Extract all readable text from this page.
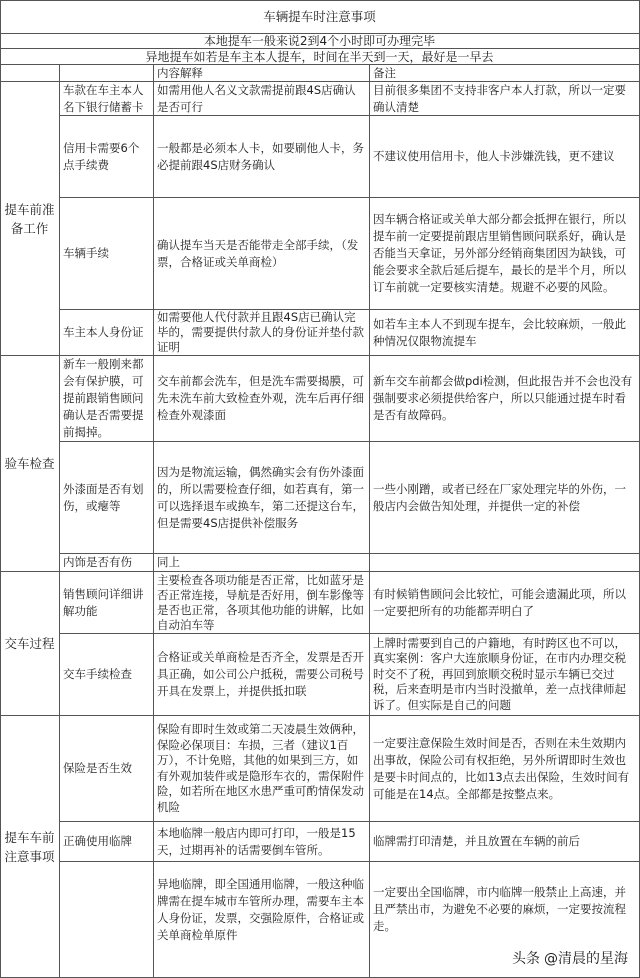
车辆提车时注意事项
本地提车一般来说2到4个小时即可办理完毕
异地提车如若是车主本人提车，时间在半天到一天，最好是一早去
内容解释	备注
提车前准备工作
验车检查
交车过程
提车车前注意事项
车款在车主本人名下银行储蓄卡
如需用他人名义文款需提前跟4S店确认是否可行
目前很多集团不支持非客户本人打款，所以一定要确认清楚
信用卡需要6个点手续费
一般都是必须本人卡，如要刷他人卡，务必提前跟4S店财务确认
不建议使用信用卡，他人卡涉嫌洗钱，更不建议
车辆手续
确认提车当天是否能带走全部手续，（发票，合格证或关单商检）
因车辆合格证或关单大部分都会抵押在银行，所以提车前一定要提前跟店里销售顾问联系好，确认是否能当天拿证，另外部分经销商集团因为缺钱，可能会要求全款后延后提车，最长的是半个月，所以订车前就一定要核实清楚。规避不必要的风险。
车主本人身份证
如需要他人代付款并且跟4S店已确认完毕的，需要提供付款人的身份证并垫付款证明
如若车主本人不到现车提车，会比较麻烦，一般此种情况仅限物流提车
新车一般刚来都会有保护膜，可提前跟销售顾问确认是否需要提前揭掉。
交车前都会洗车，但是洗车需要揭膜，可先未洗车前大致检查外观，洗车后再仔细检查外观漆面
新车交车前都会做pdi检测，但此报告并不会也没有强制要求必须提供给客户，所以只能通过提车时看是否有故障码。
外漆面是否有划伤，或瘪等
因为是物流运输，偶然确实会有伤外漆面的，所以需要检查仔细，如若真有，第一可以选择退车或换车，第二还提这台车，但是需要4S店提供补偿服务
一些小刚蹭，或者已经在厂家处理完毕的外伤，一般店内会做告知处理，并提供一定的补偿
内饰是否有伤	同上
销售顾问详细讲解功能
主要检查各项功能是否正常，比如蓝牙是否正常连接，导航是否好用，倒车影像等是否也正常，各项其他功能的讲解，比如自动泊车等
有时候销售顾问会比较忙，可能会遗漏此项，所以一定要把所有的功能都弄明白了
交车手续检查
合格证或关单商检是否齐全，发票是否开具正确，如公司公户抵税，需要公司税号开具在发票上，并提供抵扣联
上牌时需要到自己的户籍地，有时跨区也不可以，真实案例：客户大连旅顺身份证，在市内办理交税时交不了税，再回到旅顺交税时显示车辆已交过税，后来查明是市内当时没撤单，差一点找律师起诉了。但实际是自己的问题
保险是否生效
保险有即时生效或第二天凌晨生效俩种，保险必保项目：车损，三者（建议1百万），不计免赔，其他的如果到三方，如有外观加装件或是隐形车衣的，需保附件险，如若所在地区水患严重可酌情保发动机险
一定要注意保险生效时间是否，否则在未生效期内出事故，保险公司有权拒绝，另外所谓即时生效也是要卡时间点的，比如13点去出保险，生效时间有可能是在14点。全部都是按整点来。
正确使用临牌
本地临牌一般店内即可打印，一般是15天，过期再补的话需要倒车管所。
临牌需打印清楚，并且放置在车辆的前后
异地临牌，即全国通用临牌，一般这种临牌需在提车城市车管所办理，需要车主本人身份证，发票，交强险原件，合格证或关单商检单原件
一定要出全国临牌，市内临牌一般禁止上高速，并且严禁出市，为避免不必要的麻烦，一定要按流程走。
头条 @清晨的星海
